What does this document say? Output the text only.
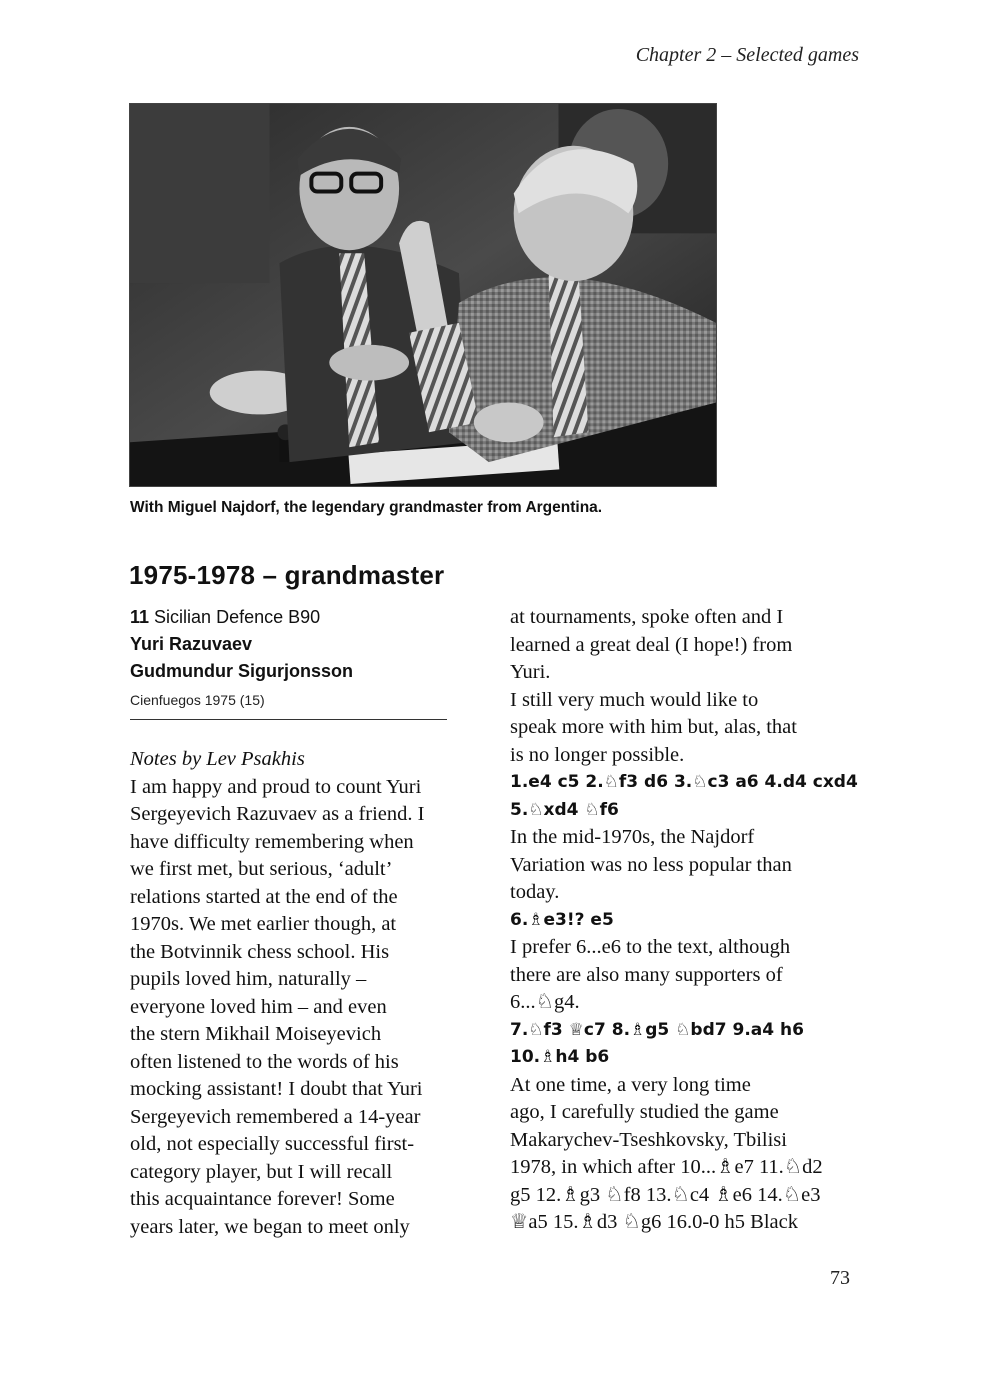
Chapter 2 – Selected games
With Miguel Najdorf, the legendary grandmaster from Argentina.
1975-1978 – grandmaster

11 Sicilian Defence B90

Yuri Razuvaev

Gudmundur Sigurjonsson

Cienfuegos 1975 (15)

Notes by Lev Psakhis

I am happy and proud to count Yuri
Sergeyevich Razuvaev as a friend. I
have difficulty remembering when
we first met, but serious, ‘adult’
relations started at the end of the
1970s. We met earlier though, at
the Botvinnik chess school. His
pupils loved him, naturally –
everyone loved him – and even
the stern Mikhail Moiseyevich
often listened to the words of his
mocking assistant! I doubt that Yuri
Sergeyevich remembered a 14-year
old, not especially successful first-
category player, but I will recall
this acquaintance forever! Some
years later, we began to meet only

at tournaments, spoke often and I
learned a great deal (I hope!) from
Yuri.
I still very much would like to
speak more with him but, alas, that
is no longer possible.

1.e4 c5 2.♘f3 d6 3.♘c3 a6 4.d4 cxd4
5.♘xd4 ♘f6

In the mid-1970s, the Najdorf
Variation was no less popular than
today.

6.♗e3!? e5

I prefer 6...e6 to the text, although
there are also many supporters of
6...♘g4.

7.♘f3 ♕c7 8.♗g5 ♘bd7 9.a4 h6
10.♗h4 b6

At one time, a very long time
ago, I carefully studied the game
Makarychev-Tseshkovsky, Tbilisi
1978, in which after 10...♗e7 11.♘d2
g5 12.♗g3 ♘f8 13.♘c4 ♗e6 14.♘e3
♕a5 15.♗d3 ♘g6 16.0-0 h5 Black

73
